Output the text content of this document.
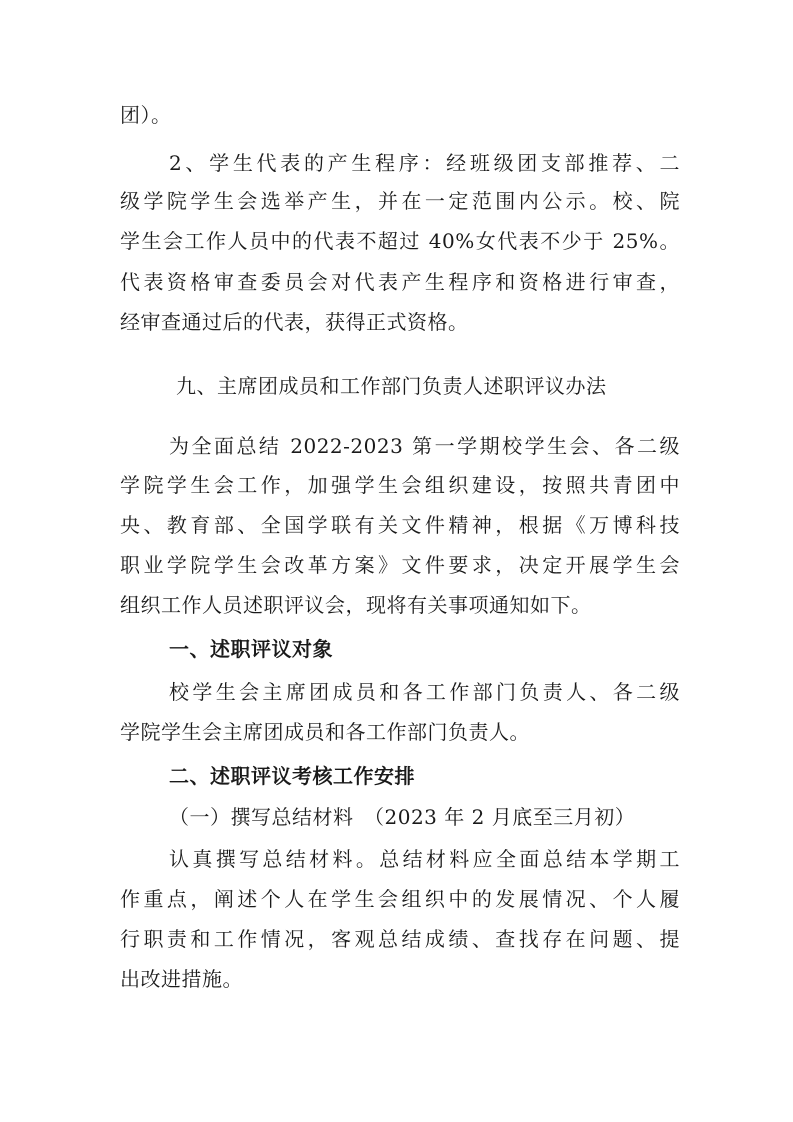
团）。
2、学生代表的产生程序：经班级团支部推荐、二
级学院学生会选举产生，并在一定范围内公示。校、院
学生会工作人员中的代表不超过 40%女代表不少于 25%。
代表资格审查委员会对代表产生程序和资格进行审查，
经审查通过后的代表，获得正式资格。
九、主席团成员和工作部门负责人述职评议办法
为全面总结 2022-2023 第一学期校学生会、各二级
学院学生会工作，加强学生会组织建设，按照共青团中
央、教育部、全国学联有关文件精神，根据《万博科技
职业学院学生会改革方案》文件要求，决定开展学生会
组织工作人员述职评议会，现将有关事项通知如下。
一、述职评议对象
校学生会主席团成员和各工作部门负责人、各二级
学院学生会主席团成员和各工作部门负责人。
二、述职评议考核工作安排
（一）撰写总结材料　（2023 年 2 月底至三月初）
认真撰写总结材料。总结材料应全面总结本学期工
作重点，阐述个人在学生会组织中的发展情况、个人履
行职责和工作情况，客观总结成绩、查找存在问题、提
出改进措施。
